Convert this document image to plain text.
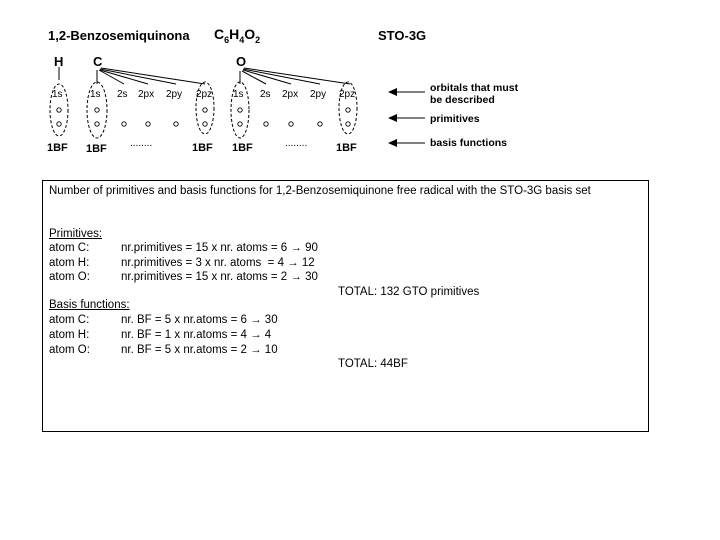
1,2-Benzosemiquinona $C_6H_4O_2$	STO-3G
H C	O
1s	1s 2s 2px 2py 2pz 1s 2s 2px 2py 2pz
1BF 1BF	1BF 1BF	1BF
........	........
orbitals that must
be described
primitives
basis functions
Number of primitives and basis functions for 1,2-Benzosemiquinone free radical with the STO-3G basis set
Primitives:
atom C:	nr.primitives = 15 x nr. atoms = 6 → 90
atom H:	nr.primitives = 3 x nr. atoms  = 4 → 12
atom O:	nr.primitives = 15 x nr. atoms = 2 → 30
TOTAL: 132 GTO primitives
Basis functions:
atom C:	nr. BF = 5 x nr.atoms = 6 → 30
atom H:	nr. BF = 1 x nr.atoms = 4 → 4
atom O:	nr. BF = 5 x nr.atoms = 2 → 10
TOTAL: 44BF
